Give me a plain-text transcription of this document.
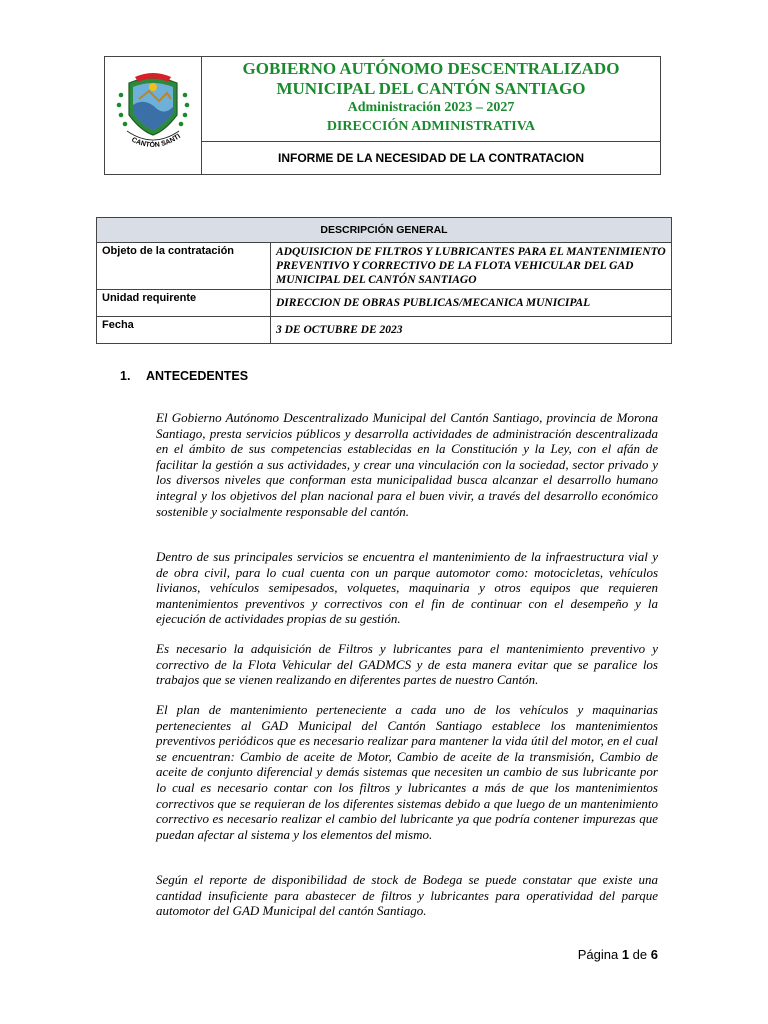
CANTÓN SANTI
GOBIERNO AUTÓNOMO DESCENTRALIZADO
MUNICIPAL DEL CANTÓN SANTIAGO
Administración 2023 – 2027
DIRECCIÓN ADMINISTRATIVA
INFORME DE LA NECESIDAD DE LA CONTRATACION
DESCRIPCIÓN GENERAL	
Objeto de la contratación	ADQUISICION DE FILTROS Y LUBRICANTES PARA EL MANTENIMIENTO PREVENTIVO Y CORRECTIVO DE LA FLOTA VEHICULAR DEL GAD MUNICIPAL DEL CANTÓN SANTIAGO
Unidad requirente	DIRECCION DE OBRAS PUBLICAS/MECANICA MUNICIPAL
Fecha	3 DE OCTUBRE DE 2023
1. ANTECEDENTES

El Gobierno Autónomo Descentralizado Municipal del Cantón Santiago, provincia de Morona Santiago, presta servicios públicos y desarrolla actividades de administración descentralizada en el ámbito de sus competencias establecidas en la Constitución y la Ley, con el afán de facilitar la gestión a sus actividades, y crear una vinculación con la sociedad, sector privado y los diversos niveles que conforman esta municipalidad busca alcanzar el desarrollo humano integral y los objetivos del plan nacional para el buen vivir, a través del desarrollo económico sostenible y socialmente responsable del cantón.

Dentro de sus principales servicios se encuentra el mantenimiento de la infraestructura vial y de obra civil, para lo cual cuenta con un parque automotor como: motocicletas, vehículos livianos, vehículos semipesados, volquetes, maquinaria y otros equipos que requieren mantenimientos preventivos y correctivos con el fin de continuar con el desempeño y la ejecución de actividades propias de su gestión.

Es necesario la adquisición de Filtros y lubricantes para el mantenimiento preventivo y correctivo de la Flota Vehicular del GADMCS y de esta manera evitar que se paralice los trabajos que se vienen realizando en diferentes partes de nuestro Cantón.

El plan de mantenimiento perteneciente a cada uno de los vehículos y maquinarias pertenecientes al GAD Municipal del Cantón Santiago establece los mantenimientos preventivos periódicos que es necesario realizar para mantener la vida útil del motor, en el cual se encuentran: Cambio de aceite de Motor, Cambio de aceite de la transmisión, Cambio de aceite de conjunto diferencial y demás sistemas que necesiten un cambio de sus lubricante por lo cual es necesario contar con los filtros y lubricantes a más de que los mantenimientos correctivos que se requieran de los diferentes sistemas debido a que luego de un mantenimiento correctivo es necesario realizar el cambio del lubricante ya que podría contener impurezas que puedan afectar al sistema y los elementos del mismo.

Según el reporte de disponibilidad de stock de Bodega se puede constatar que existe una cantidad insuficiente para abastecer de filtros y lubricantes para operatividad del parque automotor del GAD Municipal del cantón Santiago.

Página 1 de 6
